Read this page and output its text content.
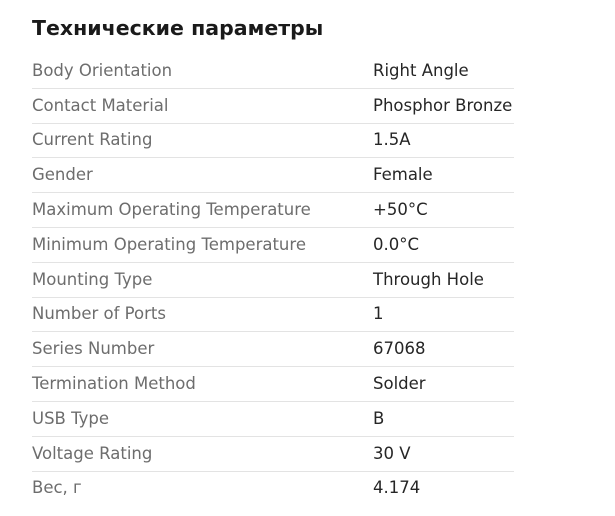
Технические параметры
Body Orientation	Right Angle
Contact Material	Phosphor Bronze
Current Rating	1.5A
Gender	Female
Maximum Operating Temperature	+50°C
Minimum Operating Temperature	0.0°C
Mounting Type	Through Hole
Number of Ports	1
Series Number	67068
Termination Method	Solder
USB Type	B
Voltage Rating	30 V
Вес, г	4.174
